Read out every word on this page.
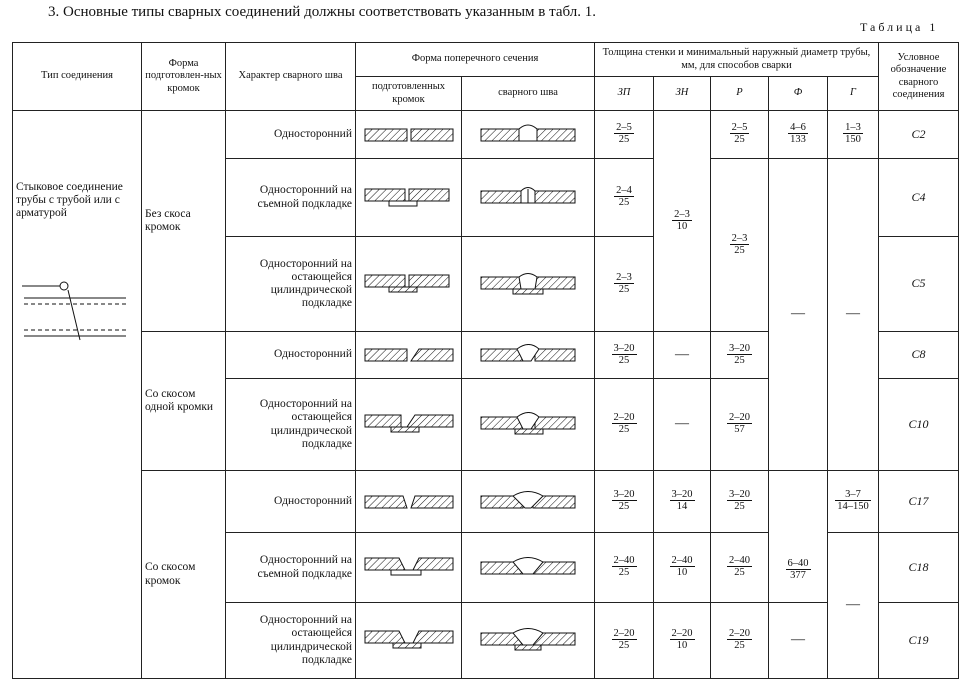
3. Основные типы сварных соединений должны соответствовать указанным в табл. 1.
Таблица 1
Тип соединения	Форма подготовлен-ных кромок	Характер сварного шва	Форма поперечного сечения		Толщина стенки и минимальный наружный диаметр трубы, мм, для способов сварки					Условное обозначение сварного соединения
			подготовленных кромок	сварного шва	ЗП	ЗН	Р	Ф	Г	
Стыковое соединение трубы с трубой или с арматурой	Без скоса кромок	Односторонний			$\frac{2-5}{25}$	$\frac{2-3}{10}$	$\frac{2-5}{25}$	$\frac{4-6}{133}$	$\frac{1-3}{150}$	С2
		Односторонний на съемной подкладке			$\frac{2-4}{25}$		$\frac{2-3}{25}$	—	—	С4
		Односторонний на остающейся цилиндрической подкладке			$\frac{2-3}{25}$					С5
	Со скосом одной кромки	Односторонний			$\frac{3-20}{25}$	—	$\frac{3-20}{25}$			С8
		Односторонний на остающейся цилиндрической подкладке			$\frac{2-20}{25}$	—	$\frac{2-20}{57}$			С10
	Со скосом кромок	Односторонний			$\frac{3-20}{25}$	$\frac{3-20}{14}$	$\frac{3-20}{25}$	$\frac{6-40}{377}$	$\frac{3-7}{14-150}$	С17
		Односторонний на съемной подкладке			$\frac{2-40}{25}$	$\frac{2-40}{10}$	$\frac{2-40}{25}$		—	С18
		Односторонний на остающейся цилиндрической подкладке			$\frac{2-20}{25}$	$\frac{2-20}{10}$	$\frac{2-20}{25}$	—		С19
